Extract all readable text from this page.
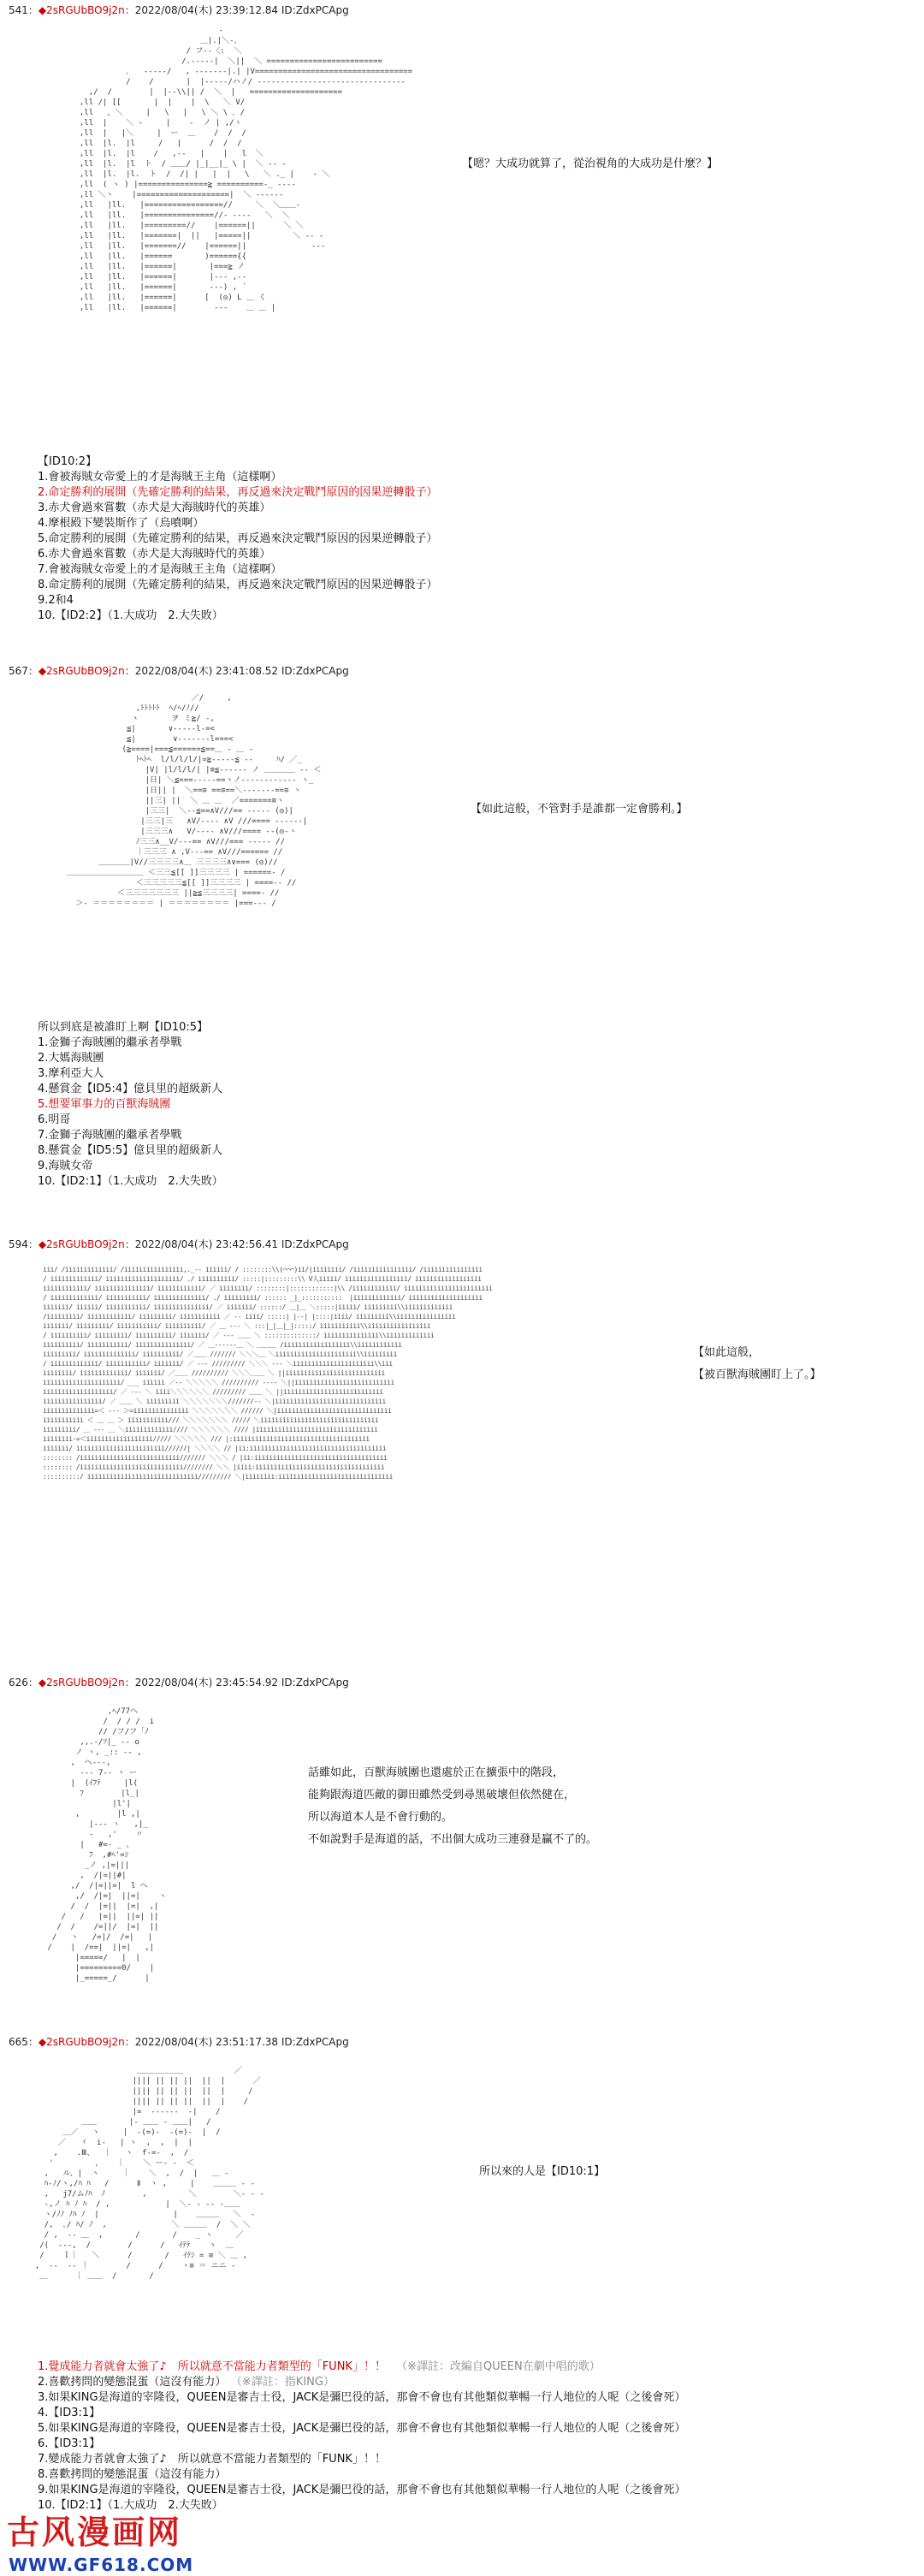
541：◆2sRGUbBO9j2n：2022/08/04(木) 23:39:12.84 ID:ZdxPCApg
‐
＿|.|＼-、
/ フ--〈:  ＼
/.-----|  ＼||  ＼ =========================
､   -----/   , -------|.| |V==================================
/    /       |  |-----/ハノ/ ‐------------------------------‐
,/  /        |  |‐-\\|| /  ＼  |   ====================
,ll /| [[       |  |    |  \   ＼ V/
,ll   ，＼     |   \   |   \ ＼ \ ．/
,ll  |    ＼ -     |    -  ノ | ,/ヽ
,ll  |   |＼     |  ー  ＿    /  /  /
,ll  |l.  |l     /   |      /  /  /
,ll  |l.  |l    /   ,--   |    |   l  ＼
,ll  |l.  |l  ト  / ＿＿/ |_|__|_ \ |  ＼ -- ‐
,ll  |l.  |l.  ト  /  /| |   |  |   \   ＼ ._ |    ‐ ＼
,ll  ( ヽ ) |===============≧ ==========‐_ ‐‐‐‐
,ll ＼ヽ    |====================|  ＼ ‐‐‐‐‐‐
,ll   |ll.   |=================//     ＼  ＼＿＿‐
,ll   |ll.   |===============//‐ ‐‐‐‐   ＼  ＼
,ll   |ll.   |=========//    |======||      ＼ ＼
,ll   |ll.   |=======|  ||   |=====||         ＼ -- ‐
,ll   |ll.   |=======//    |======||              ‐‐‐
,ll   |ll.   |======       )======{{
,ll   |ll.   |======|       |===≧ ノ
,ll   |ll.   |======|       |‐‐‐ ,‐‐
,ll   |ll.   |======|       ‐‐‐) , ´
,ll   |ll.   |======|      [  (◎) L ＿ く
,ll   |ll.   |======|        ‐‐‐    ＿ ＿ |
【嗯？大成功就算了，從治視角的大成功是什麼？】
【ID10:2】
1.會被海賊女帝愛上的才是海賊王主角（這樣啊）
2.命定勝利的展開（先確定勝利的結果，再反過來決定戰鬥原因的因果逆轉骰子）
3.赤犬會過來嘗數（赤犬是大海賊時代的英雄）
4.摩根殿下變裝斯作了（烏噴啊）
5.命定勝利的展開（先確定勝利的結果，再反過來決定戰鬥原因的因果逆轉骰子）
6.赤犬會過來嘗數（赤犬是大海賊時代的英雄）
7.會被海賊女帝愛上的才是海賊王主角（這樣啊）
8.命定勝利的展開（先確定勝利的結果，再反過來決定戰鬥原因的因果逆轉骰子）
9.2和4
10.【ID2:2】（1.大成功　2.大失敗）
567：◆2sRGUbBO9j2n：2022/08/04(木) 23:41:08.52 ID:ZdxPCApg
／/     ,
,ﾄﾄﾄﾄﾄ  ﾍ/ﾍ/ﾉ//
ヽ       ヲ ミ≧/ -,
≦|       ∨-----l-=<
≦|        ∨-------l===<
(≧====|===≦======≦==＿ ‐ ＿ ‐
ﾄﾍﾄﾍ  l/l/l/l/|=≧-----≦ -‐     ﾊ/ ／_
|V| |l/l/l/| |≡≦------ ノ ＿＿＿＿ -‐ ＜
|日| ＼≦===-----==ヽノ-----------‐ ヽ_
|日|| |  ＼==≡ ==≡==＼-------==≡ ヽ
||三| ||  ＼ ＿ ＿  ／=======≡ヽ
|三三|  ＼--≦==∧V///== ----- (◎)|
|三三|三   ∧V/---- ∧V ///==== -----‐|
|三三三∧   V/---- ∧V///==== --(◎‐ヽ
ﾉ三三∧__V/---== ∧V///=== ----- //
｜三三三 ∧ ,V---== ∧V///====== //
＿＿＿＿|V//三三三三∧＿ 三三三三∧∨=== (◎)//
＿＿＿＿＿＿＿＿＿＿ ＜三三≦[[ ]]三三三三 | ======‐ /
＜三三三三三≦[[ ]]三三三三 | ====‐‐ //
＜三三三三三三三 ||≧≦三三三三| ====‐ //
＞‐ ＝＝＝＝＝＝＝＝ | ＝＝＝＝＝＝＝＝ |===‐‐‐ /
【如此這般，不管對手是誰都一定會勝利。】
所以到底是被誰盯上啊【ID10:5】
1.金獅子海賊團的繼承者學戰
2.大媽海賊團
3.摩利亞大人
4.懸賞金【ID5:4】億貝里的超級新人
5.想要軍事力的百獸海賊團
6.明哥
7.金獅子海賊團的繼承者學戰
8.懸賞金【ID5:5】億貝里的超級新人
9.海賊女帝
10.【ID2:1】（1.大成功　2.大失敗）
594：◆2sRGUbBO9j2n：2022/08/04(木) 23:42:56.41 ID:ZdxPCApg
iii/ /iiiiiiiiiiiii/ /iiiiiiiiiiiiiiii,._-‐ iiiiii/ / ::::::::\\(⌒⌒⌒)ii/|iiiiiiii/ /iiiiiiiiiiiiiiii/ /iiiiiiiiiiiiiiii
/ iiiiiiiiiiiii/ iiiiiiiiiiiiiiiiiiii/ ./ iiiiiiiiii/ :::::|:::::::::\\ V人iiiii/ iiiiiiiiiiiiiiiii/ iiiiiiiiiiiiiiiiii
iiiiiiiiiiii/ iiiiiiiiiiiiiii/ iiiiiiiiiiii/ ／ iiiiiiii/ ::::::::|::::::::::::|\\ /iiiiiiiiiiii/ iiiiiiiiiiiiiiiiiiiiiiii
/ iiiiiiiiiiiii/ iiiiiiiiiii/ iiiiiiiiiiiiii/ ./ iiiiiiiii/ :::::: _|_:::::::::::  |iiiiiiiiiiiii/ iiiiiiiiiiiiiiiiiiii
iiiiiii/ iiiiii/ iiiiiiiiiii/ iiiiiiiiiiiiiii/ ／ iiiiiii/ ::::::/ ＿|＿ ＼:::::|iiiii/ iiiiiiiii\\iiiiiiiiiiiii
/iiiiiiiii/ iiiiiiiiiiii/ iiiiiiiii/ iiiiiiiiiii ／ ‐‐ iiii/ :::::| |‐‐| |::::|iiii/ iiiiiiiii\\iiiiiiiiiiiiiiii
iiiiiii/ iiiiiiiii/ iiiiiiiiiii/ iiiiiiiiii/ ／ ＿ ‐‐‐ ＼ :::|_|＿|_|:::::/ iiiiiiiiiii\\iiiiiiiiiiiiiiiii
/ iiiiiiiiii/ iiiiiiiii/ iiiiiiiiii/ iiiiiii/ ／ ‐‐‐ ＿＿ ＼ ::::::::::::::/ iiiiiiiiiiiiiii\\iiiiiiiiiiiii
iiiiiiiiii/ iiiiiiiiiii/ iiiiiiiiiiiiiii/ ／ ＿‐‐‐‐‐‐＿ ＼ ＿＿＿ /iiiiiiiiiiiiiiiiii\\iiiiiiiiiiii
iiiiiiiii/ iiiiiiiiiiiiii/ iiiiiiiiii/ ／＿＿ /////// ＼＼＼＿ ＼iiiiiiiiiiiiiiiiiiiiii\\iiiiiiiii
/ iiiiiiiiiiiii/ iiiiiiiiiii/ iiiiiii/ ／ ‐‐‐ ///////// ＼＼＼ ‐‐‐ ＼iiiiiiiiiiiiiiiiiiiiii\\iii
iiiiiiii/ iiiiiiiiiiiii/ iiiiiii/ ／＿＿ ////////// ＼＼＼＿＿ ＼ ||iiiiiiiiiiiiiiiiiiiiiiiiiii
iiiiiiiiiiiiiiiiiiiii/ ___ iiiiii ／‐‐ ＼＼＼＼＼ ////////// ‐‐‐‐ ＼||iiiiiiiiiiiiiiiiiiiiiiiiiii
iiiiiiiiiiiiiiiiiii/ ／ ‐‐‐ ＼ iiii＼＼＼＼＼＼ ///////// ＿＿ ＼ ||iiiiiiiiiiiiiiiiiiiiiiiiiii
iiiiiiiiiiiiiiii/ ／ ＿＿ ＼ iiiiiiiii ＼＼＼＼＼＼＼///////‐‐ ＼|iiiiiiiiiiiiiiiiiiiiiiiiiiiiii
iiiiiiiiiiiiii=＜ ‐‐‐ ＞=iiiiiiiiiiiiiii ＼＼＼＼＼＼＼ ////// ＼|iiiiiiiiiiiiiiiiiiiiiiiiiiiiiii
iiiiiiiiiii ＜ ＿ ＿ ＞ iiiiiiiiiii/// ＼＼＼＼＼＼＼ ///// ＼iiiiiiiiiiiiiiiiiiiiiiiiiiiiiiii
iiiiiiiii/ ＿ ‐‐‐ ＿ ＼iiiiiiiiiiiii//// ＼＼＼＼＼＼ //// |iiiiiiiiiiiiiiiiiiiiiiiiiiiiiiiii
iiiiiiii-=＜iiiiiiiiiiiiiiiiii///// ＼＼＼＼＼ /// |:iiiiiiiiiiiiiiiiiiiiiiiiiiiiiiiiiiiii
iiiiiii/ iiiiiiiiiiiiiiiiiiiiiiii//////| ＼＼＼＼ // |ii:iiiiiiiiiiiiiiiiiiiiiiiiiiiiiiiiiiiii
:::::::: /iiiiiiiiiiiiiiiiiiiiiiiiiii/////// ＼＼＼ / |ii:iiiiiiiiiiiiiiiiiiiiiiiiiiiiiiiiiiii
:::::::: /iiiiiiiiiiiiiiiiiiiiiiiiiiii//////// ＼＼ |iiii:iiiiiiiiiiiiiiiiiiiiiiiiiiiiiiiiiii
::::::::::/ iiiiiiiiiiiiiiiiiiiiiiiiiiiiii///////// ＼|iiiiiiii:iiiiiiiiiiiiiiiiiiiiiiiiiiiiiii
【如此這般，
【被百獸海賊團盯上了。】
626：◆2sRGUbBO9j2n：2022/08/04(木) 23:45:54.92 ID:ZdxPCApg
,ﾍ/77ヘ
/  / / /  i
// /フ/フ「ﾉ
,,.-/ｿ|_ -- o
ノ ヽ, _:: -‐ ,
,  ヘ‐--,
-‐‐ 7‐‐ ヽ ー
|  (ｲﾌﾃ     |l(
ﾌ        |l_|
|l'|
,        |l ,|
|‐-- ヽ   ,|_
‐   ,'    〃
|   #=- _ 、
ﾌ  ,#ﾍ'=ｼ
_ノ ,|=|||
,  /|=||#|
,/  /|=||=|  l ヘ
,/  /|=|  ||=|    ヽ
/  /  |=||  |=|  ,|
/   /   |=||  ||=| ||
/  /    /=||/  |=|  ||
/   ヽ   /=|/  /=|   |
/    |  /==|  ||=|   ,|
|=====/   |  |
|=========0/    |
|_=====_/      |
話雖如此，百獸海賊團也還處於正在擴張中的階段，
能夠跟海道匹敵的御田雖然受到尋黑破壞但依然健在，
所以海道本人是不會行動的。
不如說對手是海道的話，不出個大成功三連發是贏不了的。
665：◆2sRGUbBO9j2n：2022/08/04(木) 23:51:17.38 ID:ZdxPCApg
＿＿＿＿＿＿           ／
|||| || || ||  ||  |      ／
|||| || || ||  ||  |     /
|||| || || ||  ||  |    /
|=  ‐‐‐‐‐‐  ‐|    /
＿＿       |‐ ＿＿ ‐ ＿＿|   /
＿／   ヽ     |  -(=)-  -(=)-  |  /
／   ヾ  i‐   | ヽ  ,  ,  |  |
,    .Ⅲ、  ｜   ヽ  f-=‐  ,  /
'         ，   ｜    ＼ ー‐ ‐  ＜
,   ル、|  ヽ     ｜    ＼  ,  /  |   ＿ ‐
ﾊ-ﾉ/ヽ,/ﾊ ﾊ   /      Ⅱ  ヽ ,     |    ＿＿＿ ‐ ‐
,   j7/ムﾉﾊ  ﾉ        ,         ＼        ＼‐ ‐ ‐
-,ノ ﾊ ﾉ ﾊ  / ,            |  ＼‐ ‐ ‐‐ ‐＿＿
ヽ/ﾉﾉ ﾉﾊ ﾉ  |                |    ＿＿＿   ＼  ‐
/,  ､/ ﾊ/ ﾉ  ,              ＼ ＿＿＿  /  ＼ ＼
/ ,  ‐‐ ＿  ,       /       /    _ ヽ     ／
/(  ‐‐‐,  /        /      /   ｲﾃﾃ    ヽ  ＿
/    ｌ｜   ＼      /       /   ｲﾃｼ = ≡ ＼ ＿ ,
,  ‐‐  ‐‐ ｜        /      /    ヽ≡ ＝ ニニ ‐
＿      ｜ ＿＿  /       /
所以來的人是【ID10:1】
1.覺成能力者就會太強了♪　所以就意不當能力者類型的「FUNK」！！ （※譯註：改編自QUEEN在劇中唱的歌）
2.喜歡拷問的變態混蛋（這沒有能力） （※譯註：指KING）
3.如果KING是海道的宰隆役，QUEEN是審吉士役，JACK是彌巴役的話，那會不會也有其他類似華暢一行人地位的人呢（之後會死）
4.【ID3:1】
5.如果KING是海道的宰隆役，QUEEN是審吉士役，JACK是彌巴役的話，那會不會也有其他類似華暢一行人地位的人呢（之後會死）
6.【ID3:1】
7.變成能力者就會太強了♪　所以就意不當能力者類型的「FUNK」！！
8.喜歡拷問的變態混蛋（這沒有能力）
9.如果KING是海道的宰隆役，QUEEN是審吉士役，JACK是彌巴役的話，那會不會也有其他類似華暢一行人地位的人呢（之後會死）
10.【ID2:1】（1.大成功　2.大失敗）
古风漫画网
WWW.GF618.COM
